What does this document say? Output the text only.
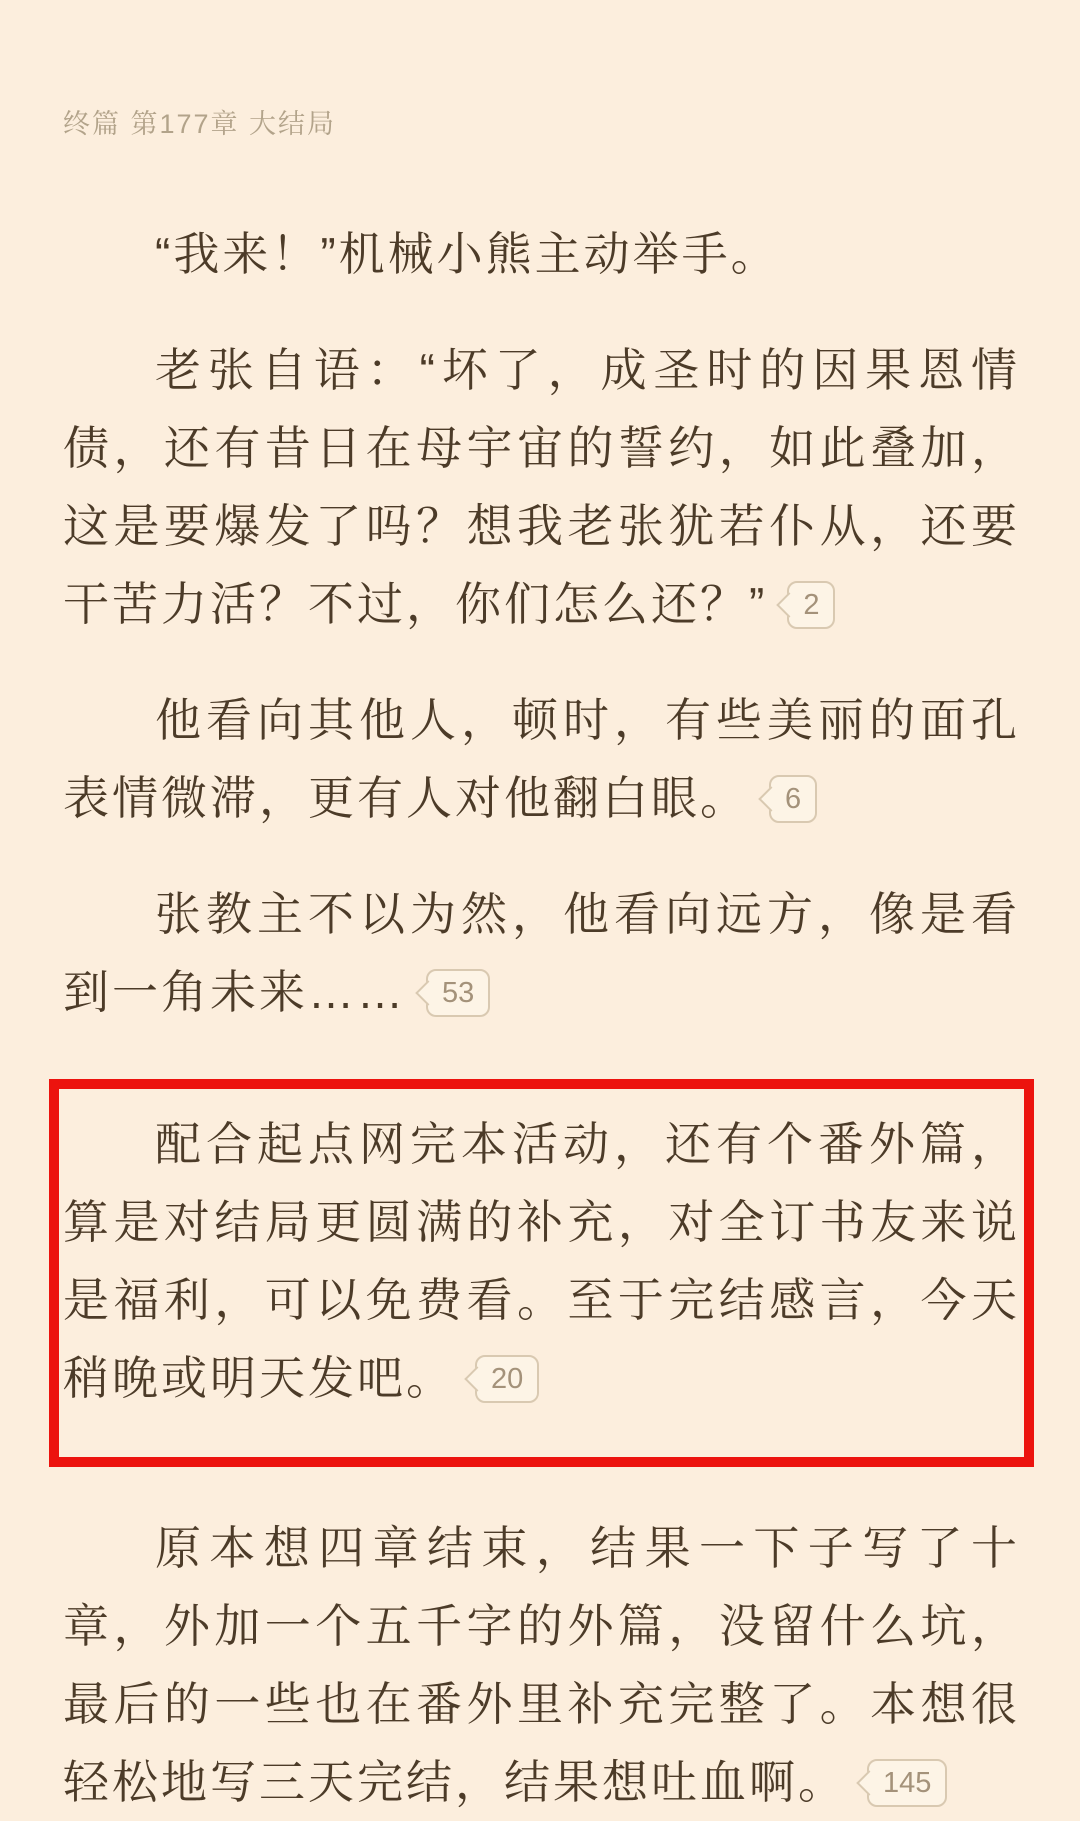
终篇 第177章 大结局

“我来！”机械小熊主动举手。

老张自语：“坏了，成圣时的因果恩情债，还有昔日在母宇宙的誓约，如此叠加，这是要爆发了吗？想我老张犹若仆从，还要干苦力活？不过，你们怎么还？” 2

他看向其他人，顿时，有些美丽的面孔表情微滞，更有人对他翻白眼。 6

张教主不以为然，他看向远方，像是看到一角未来…… 53

配合起点网完本活动，还有个番外篇，算是对结局更圆满的补充，对全订书友来说是福利，可以免费看。至于完结感言，今天稍晚或明天发吧。 20

原本想四章结束，结果一下子写了十章，外加一个五千字的外篇，没留什么坑，最后的一些也在番外里补充完整了。本想很轻松地写三天完结，结果想吐血啊。 145
